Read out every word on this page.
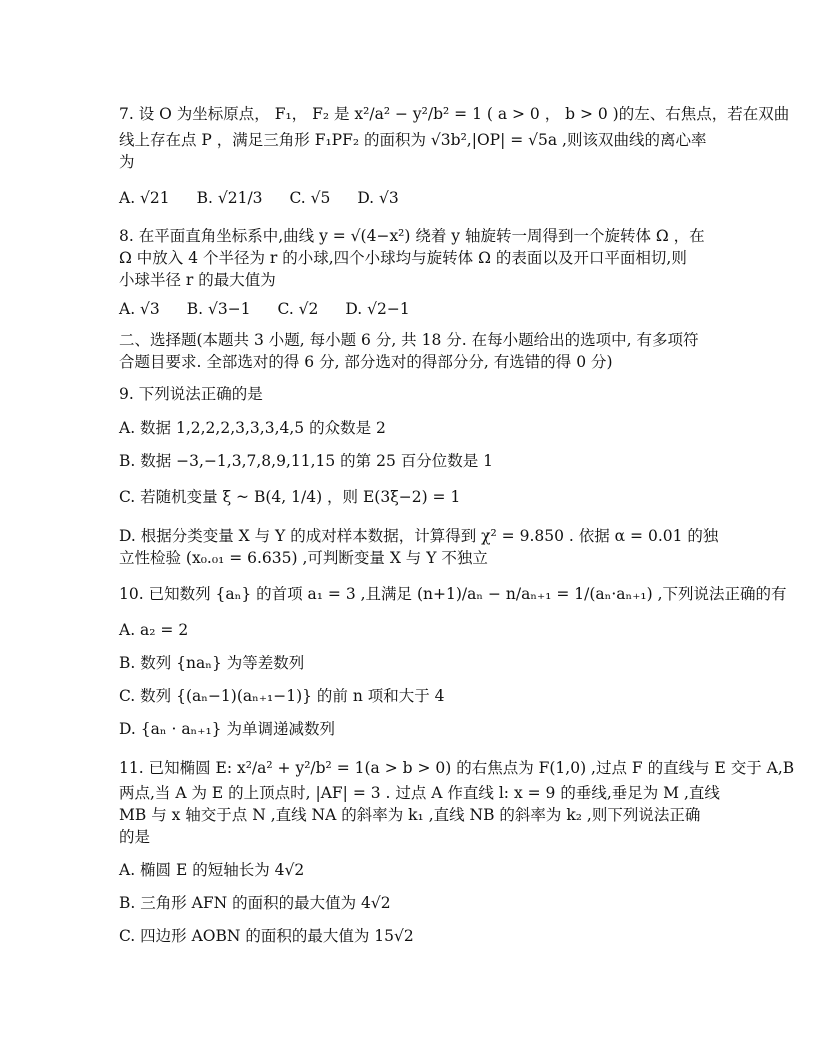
7. 设 O 为坐标原点， F₁， F₂ 是 x²/a² − y²/b² = 1 ( a > 0 ， b > 0 )的左、右焦点，若在双曲
线上存在点 P ，满足三角形 F₁PF₂ 的面积为 √3b²,|OP| = √5a ,则该双曲线的离心率
为
A. √21 B. √21/3 C. √5 D. √3
8. 在平面直角坐标系中,曲线 y = √(4−x²) 绕着 y 轴旋转一周得到一个旋转体 Ω ，在
Ω 中放入 4 个半径为 r 的小球,四个小球均与旋转体 Ω 的表面以及开口平面相切,则
小球半径 r 的最大值为
A. √3 B. √3−1 C. √2 D. √2−1
二、选择题(本题共 3 小题, 每小题 6 分, 共 18 分. 在每小题给出的选项中, 有多项符
合题目要求. 全部选对的得 6 分, 部分选对的得部分分, 有选错的得 0 分)
9. 下列说法正确的是
A. 数据 1,2,2,2,3,3,3,4,5 的众数是 2
B. 数据 −3,−1,3,7,8,9,11,15 的第 25 百分位数是 1
C. 若随机变量 ξ ~ B(4, 1/4) ，则 E(3ξ−2) = 1
D. 根据分类变量 X 与 Y 的成对样本数据，计算得到 χ² = 9.850 . 依据 α = 0.01 的独
立性检验 (x₀.₀₁ = 6.635) ,可判断变量 X 与 Y 不独立
10. 已知数列 {aₙ} 的首项 a₁ = 3 ,且满足 (n+1)/aₙ − n/aₙ₊₁ = 1/(aₙ·aₙ₊₁) ,下列说法正确的有
A. a₂ = 2
B. 数列 {naₙ} 为等差数列
C. 数列 {(aₙ−1)(aₙ₊₁−1)} 的前 n 项和大于 4
D. {aₙ · aₙ₊₁} 为单调递减数列
11. 已知椭圆 E: x²/a² + y²/b² = 1(a > b > 0) 的右焦点为 F(1,0) ,过点 F 的直线与 E 交于 A,B
两点,当 A 为 E 的上顶点时, |AF| = 3 . 过点 A 作直线 l: x = 9 的垂线,垂足为 M ,直线
MB 与 x 轴交于点 N ,直线 NA 的斜率为 k₁ ,直线 NB 的斜率为 k₂ ,则下列说法正确
的是
A. 椭圆 E 的短轴长为 4√2
B. 三角形 AFN 的面积的最大值为 4√2
C. 四边形 AOBN 的面积的最大值为 15√2
